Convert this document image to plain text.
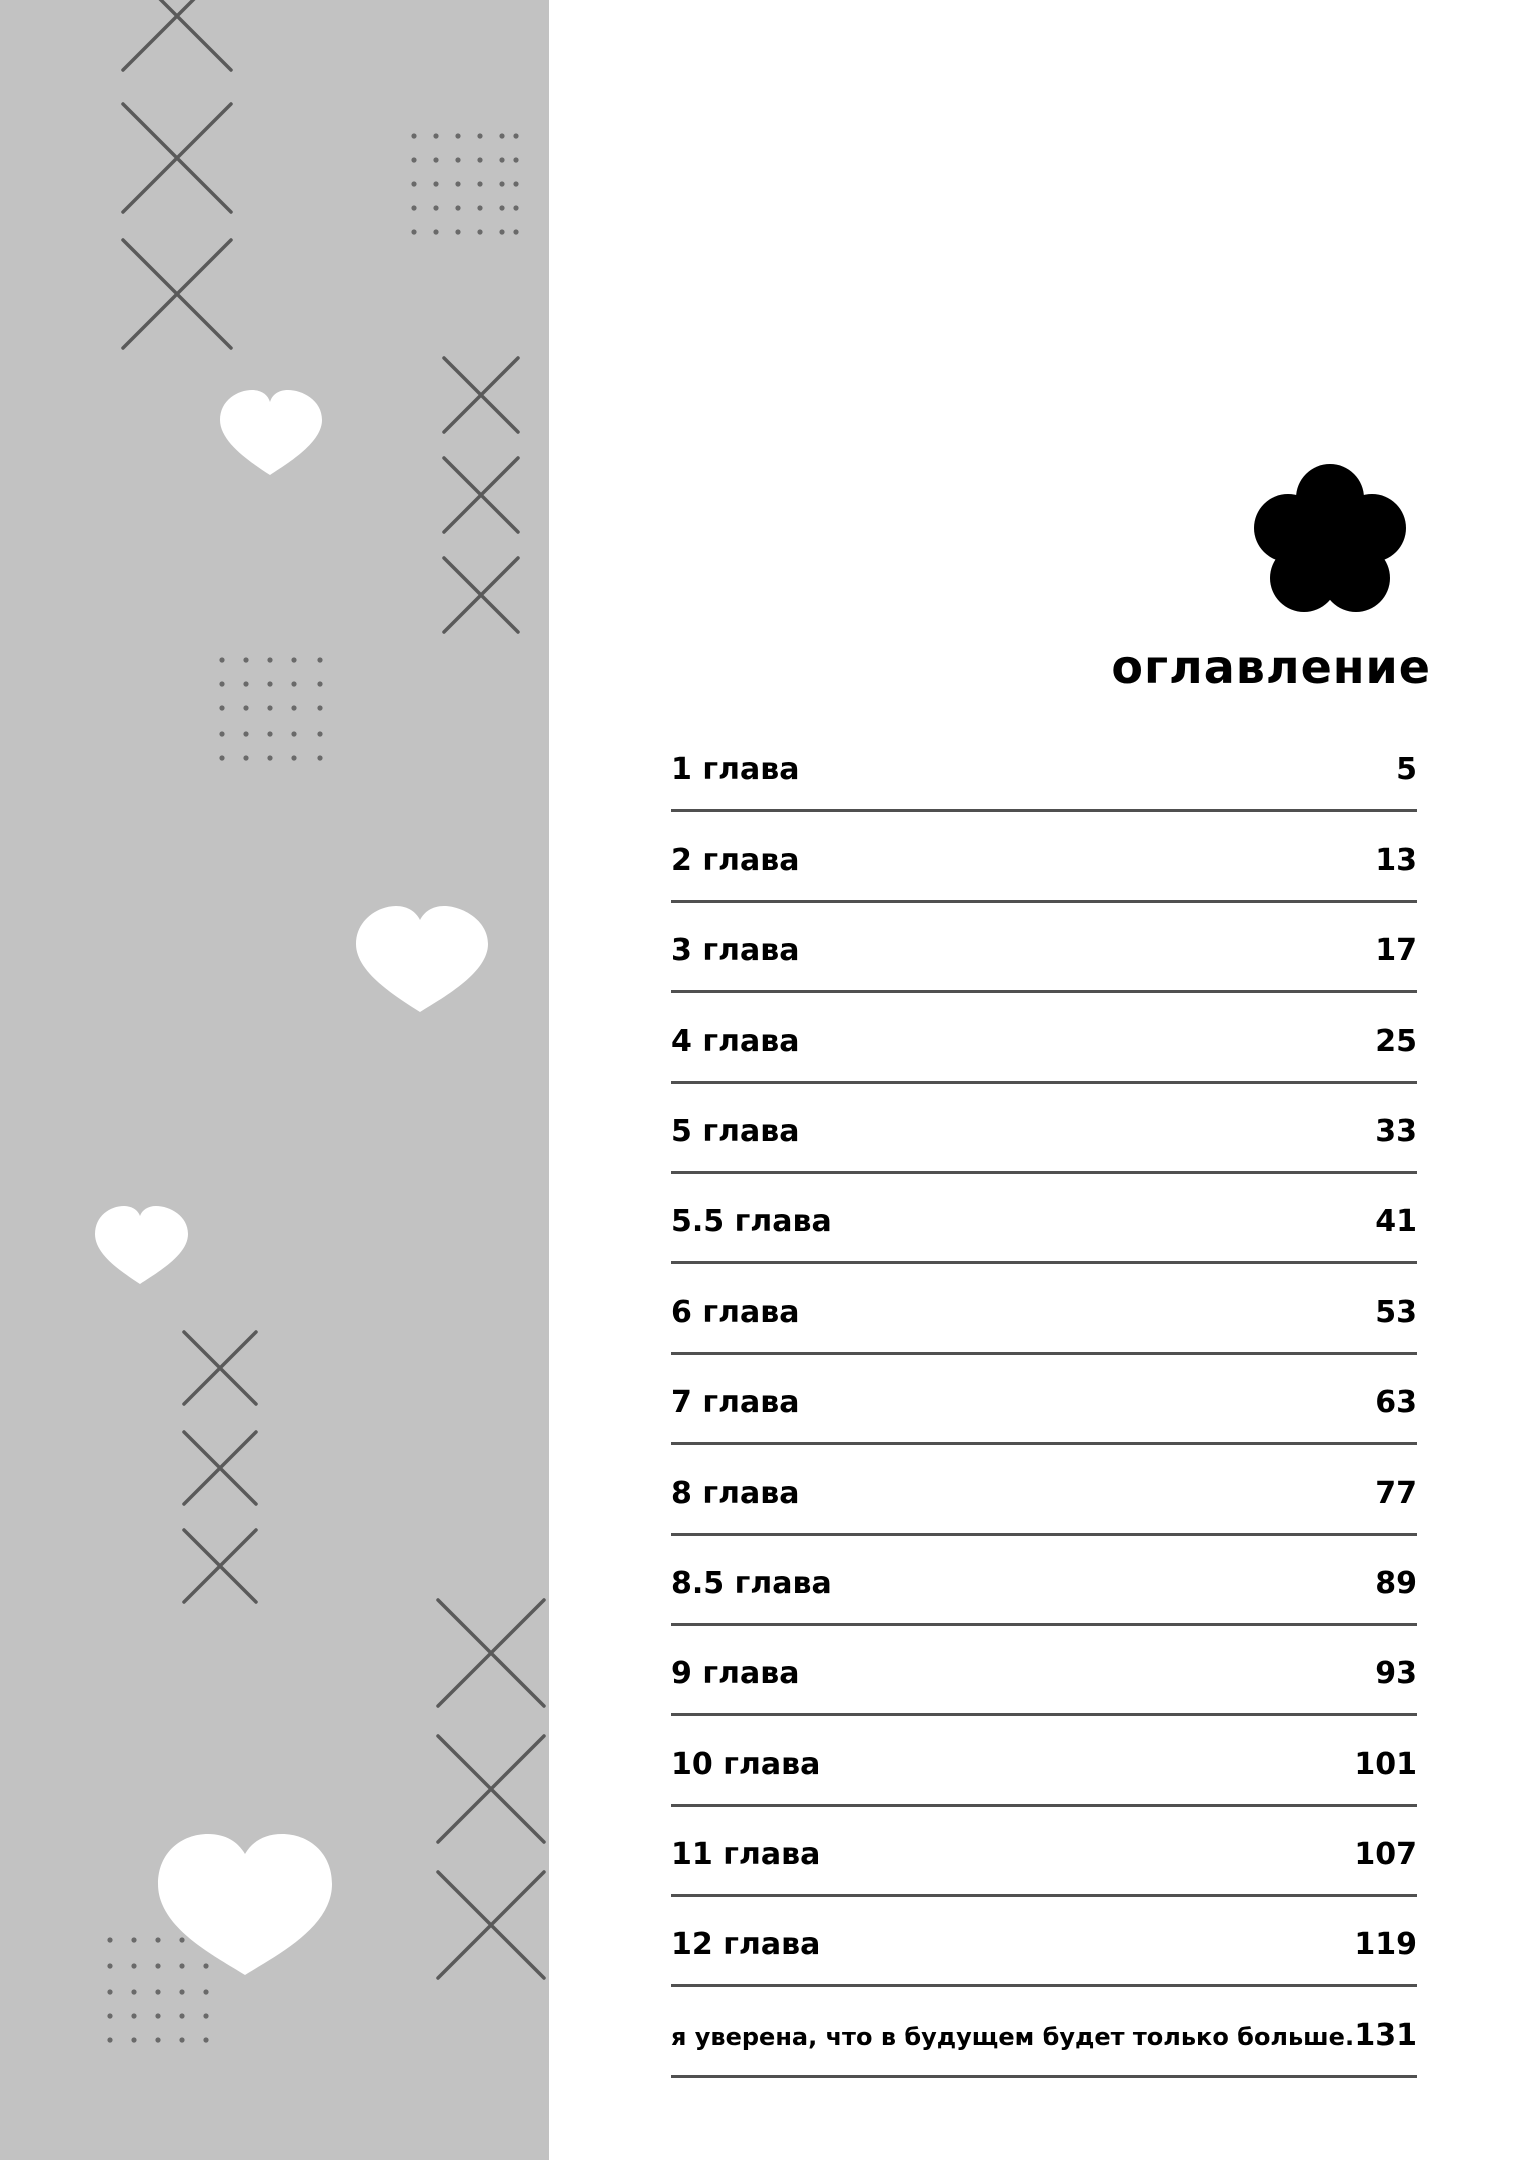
оглавление
1 глава	5
2 глава	13
3 глава	17
4 глава	25
5 глава	33
5.5 глава	41
6 глава	53
7 глава	63
8 глава	77
8.5 глава	89
9 глава	93
10 глава	101
11 глава	107
12 глава	119
я уверена, что в будущем будет только больше. 131
